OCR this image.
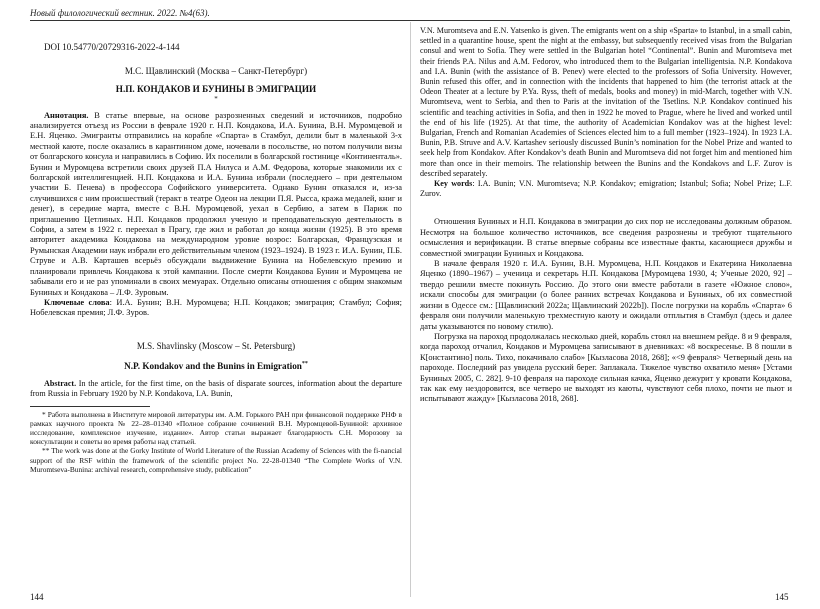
Новый филологический вестник. 2022. №4(63).

DOI 10.54770/20729316-2022-4-144

М.С. Щавлинский (Москва – Санкт-Петербург)

Н.П. КОНДАКОВ И БУНИНЫ В ЭМИГРАЦИИ

*

Аннотация. В статье впервые, на основе разрозненных сведений и источников, подробно анализируется отъезд из России в феврале 1920 г. Н.П. Кондакова, И.А. Бунина, В.Н. Муромцевой и Е.Н. Яценко. Эмигранты отправились на корабле «Спарта» в Стамбул, делили быт в маленькой 3-х местной каюте, после оказались в карантинном доме, ночевали в посольстве, но потом получили визы от болгарского консула и направились в Софию. Их поселили в болгарской гостинице «Континенталь». Бунин и Муромцева встретили своих друзей П.А Нилуса и А.М. Федорова, которые знакомили их с болгарской интеллигенцией. Н.П. Кондакова и И.А. Бунина избрали (последнего – при деятельном участии Б. Пенева) в профессора Софийского университета. Однако Бунин отказался и, из-за случившихся с ним происшествий (теракт в театре Одеон на лекции П.Я. Рысса, кража медалей, книг и денег), в середине марта, вместе с В.Н. Муромцевой, уехал в Сербию, а затем в Париж по приглашению Цетлиных. Н.П. Кондаков продолжил ученую и преподавательскую деятельность в Софии, а затем в 1922 г. переехал в Прагу, где жил и работал до конца жизни (1925). В это время авторитет академика Кондакова на международном уровне возрос: Болгарская, Французская и Румынская Академии наук избрали его действительным членом (1923–1924). В 1923 г. И.А. Бунин, П.Б. Струве и А.В. Карташев всерьёз обсуждали выдвижение Бунина на Нобелевскую премию и планировали привлечь Кондакова к этой кампании. После смерти Кондакова Бунин и Муромцева не забывали его и не раз упоминали в своих мемуарах. Отдельно описаны отношения с общим знакомым Буниных и Кондакова – Л.Ф. Зуровым.

Ключевые слова: И.А. Бунин; В.Н. Муромцева; Н.П. Кондаков; эмиграция; Стамбул; София; Нобелевская премия; Л.Ф. Зуров.

M.S. Shavlinsky (Moscow – St. Petersburg)

N.P. Kondakov and the Bunins in Emigration**

Abstract. In the article, for the first time, on the basis of disparate sources, information about the departure from Russia in February 1920 by N.P. Kondakova, I.A. Bunin,

* Работа выполнена в Институте мировой литературы им. А.М. Горького РАН при финансовой поддержке РНФ в рамках научного проекта № 22–28–01340 «Полное собрание сочинений В.Н. Муромцевой-Буниной: архивное исследование, комплексное изучение, издание». Автор статьи выражает благодарность С.Н. Морозову за консультации и советы во время работы над статьей.

** The work was done at the Gorky Institute of World Literature of the Russian Academy of Sciences with the fi-nancial support of the RSF within the framework of the scientific project No. 22-28-01340 “The Complete Works of V.N. Muromtseva-Bunina: archival research, comprehensive study, publication”

144

V.N. Muromtseva and E.N. Yatsenko is given. The emigrants went on a ship «Sparta» to Istanbul, in a small cabin, settled in a quarantine house, spent the night at the embassy, but subsequently received visas from the Bulgarian consul and went to Sofia. They were settled in the Bulgarian hotel “Continental”. Bunin and Muromtseva met their friends P.A. Nilus and A.M. Fedorov, who introduced them to the Bulgarian intelligentsia. N.P. Kondakova and I.A. Bunin (with the assistance of B. Penev) were elected to the professors of Sofia University. However, Bunin refused this offer, and in connection with the incidents that happened to him (the terrorist attack at the Odeon Theater at a lecture by P.Ya. Ryss, theft of medals, books and money) in mid-March, together with V.N. Muromtseva, went to Serbia, and then to Paris at the invitation of the Tsetlins. N.P. Kondakov continued his scientific and teaching activities in Sofia, and then in 1922 he moved to Prague, where he lived and worked until the end of his life (1925). At that time, the authority of Academician Kondakov was at the highest level: Bulgarian, French and Romanian Academies of Sciences elected him to a full member (1923–1924). In 1923 I.A. Bunin, P.B. Struve and A.V. Kartashev seriously discussed Bunin’s nomination for the Nobel Prize and wanted to seek help from Kondakov. After Kondakov’s death Bunin and Muromtseva did not forget him and mentioned him more than once in their memoirs. The relationship between the Bunins and the Kondakovs and L.F. Zurov is described separately.

Key words: I.A. Bunin; V.N. Muromtseva; N.P. Kondakov; emigration; Istanbul; Sofia; Nobel Prize; L.F. Zurov.

Отношения Буниных и Н.П. Кондакова в эмиграции до сих пор не исследованы должным образом. Несмотря на большое количество источников, все сведения разрознены и требуют тщательного осмысления и верификации. В статье впервые собраны все известные факты, касающиеся дружбы и совместной эмиграции Буниных и Кондакова.

В начале февраля 1920 г. И.А. Бунин, В.Н. Муромцева, Н.П. Кондаков и Екатерина Николаевна Яценко (1890–1967) – ученица и секретарь Н.П. Кондакова [Муромцева 1930, 4; Ученые 2020, 92] – твердо решили вместе покинуть Россию. До этого они вместе работали в газете «Южное слово», искали способы для эмиграции (о более ранних встречах Кондакова и Буниных, об их совместной жизни в Одессе см.: [Щавлинский 2022a; Щавлинский 2022b]). После погрузки на корабль «Спарта» 6 февраля они получили маленькую трехместную каюту и ожидали отплытия в Стамбул (здесь и далее даты указываются по новому стилю).

Погрузка на пароход продолжалась несколько дней, корабль стоял на внешнем рейде. 8 и 9 февраля, когда пароход отчалил, Кондаков и Муромцева записывают в дневниках: «8 воскресенье. В 8 пошли в К[онстантино] поль. Тихо, покачивало слабо» [Кызласова 2018, 268]; «<9 февраля> Четверный день на пароходе. Последний раз увидела русский берег. Заплакала. Тяжелое чувство охватило меня» [Устами Буниных 2005, С. 282]. 9-10 февраля на пароходе сильная качка, Яценко дежурит у кровати Кондакова, так как ему нездоровится, все четверо не выходят из каюты, чувствуют себя плохо, почти не пьют и испытывают жажду» [Кызласова 2018, 268].

145
